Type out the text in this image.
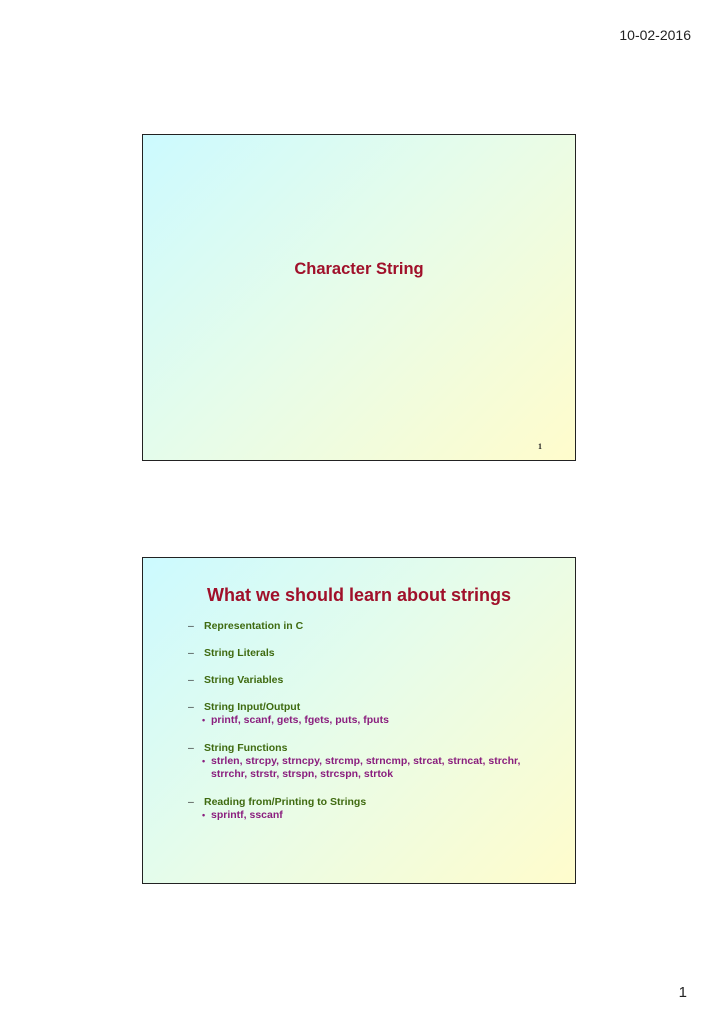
10-02-2016
Character String
1
What we should learn about strings
– Representation in C
– String Literals
– String Variables
– String Input/Output
• printf, scanf, gets, fgets, puts, fputs
– String Functions
• strlen, strcpy, strncpy, strcmp, strncmp, strcat, strncat, strchr, strrchr, strstr, strspn, strcspn, strtok
– Reading from/Printing to Strings
• sprintf, sscanf
1
